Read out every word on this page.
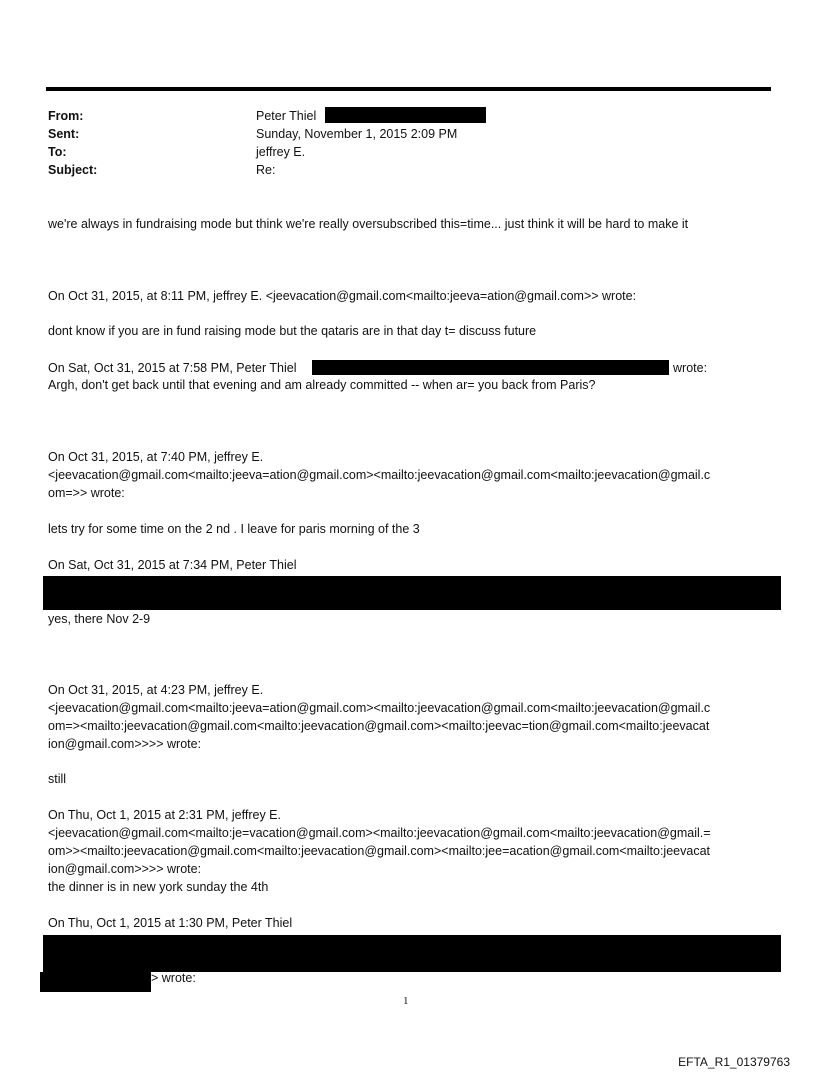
From:	Peter Thiel
Sent:	Sunday, November 1, 2015 2:09 PM
To:	jeffrey E.
Subject:	Re:
we're always in fundraising mode but think we're really oversubscribed this=time... just think it will be hard to make it
On Oct 31, 2015, at 8:11 PM, jeffrey E. <jeevacation@gmail.com<mailto:jeeva=ation@gmail.com>> wrote:
dont know if you are in fund raising mode but the qataris are in that day t= discuss future
On Sat, Oct 31, 2015 at 7:58 PM, Peter Thiel	wrote:
Argh, don't get back until that evening and am already committed -- when ar= you back from Paris?
On Oct 31, 2015, at 7:40 PM, jeffrey E.
<jeevacation@gmail.com<mailto:jeeva=ation@gmail.com><mailto:jeevacation@gmail.com<mailto:jeevacation@gmail.c
om=>> wrote:
lets try for some time on the 2 nd . I leave for paris morning of the 3
On Sat, Oct 31, 2015 at 7:34 PM, Peter Thiel
yes, there Nov 2-9
On Oct 31, 2015, at 4:23 PM, jeffrey E.
<jeevacation@gmail.com<mailto:jeeva=ation@gmail.com><mailto:jeevacation@gmail.com<mailto:jeevacation@gmail.c
om=><mailto:jeevacation@gmail.com<mailto:jeevacation@gmail.com><mailto:jeevac=tion@gmail.com<mailto:jeevacat
ion@gmail.com>>>> wrote:
still
On Thu, Oct 1, 2015 at 2:31 PM, jeffrey E.
<jeevacation@gmail.com<mailto:je=vacation@gmail.com><mailto:jeevacation@gmail.com<mailto:jeevacation@gmail.=
om>><mailto:jeevacation@gmail.com<mailto:jeevacation@gmail.com><mailto:jee=acation@gmail.com<mailto:jeevacat
ion@gmail.com>>>> wrote:
the dinner is in new york sunday the 4th
On Thu, Oct 1, 2015 at 1:30 PM, Peter Thiel
> wrote:
1
EFTA_R1_01379763
